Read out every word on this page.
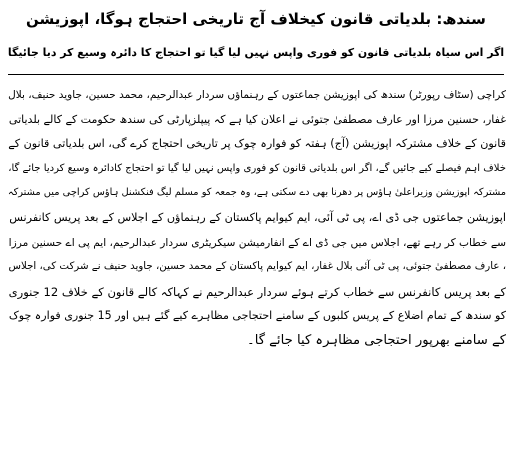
سندھ: بلدیاتی قانون کیخلاف آج تاریخی احتجاج ہوگا، اپوزیشن
اگر اس سیاہ بلدیاتی قانون کو فوری واپس نہیں لیا گیا تو احتجاج کا دائرہ وسیع کر دیا جائیگا
کراچی (سٹاف رپورٹر) سندھ کی اپوزیشن جماعتوں کے رہنماؤں سردار عبدالرحیم، محمد حسین، جاوید حنیف، بلال
غفار، حسنین مرزا اور عارف مصطفیٰ جتوئی نے اعلان کیا ہے کہ پیپلزپارٹی کی سندھ حکومت کے کالے بلدیاتی
قانون کے خلاف مشترکہ اپوزیشن (آج) ہفتہ کو فوارہ چوک پر تاریخی احتجاج کرے گی، اس بلدیاتی قانون کے
خلاف اہم فیصلے کیے جائیں گے، اگر اس بلدیاتی قانون کو فوری واپس نہیں لیا گیا تو احتجاج کادائرہ وسیع کردیا جائے گا،
مشترکہ اپوزیشن وزیراعلیٰ ہاؤس پر دھرنا بھی دے سکتی ہے، وہ جمعہ کو مسلم لیگ فنکشنل ہاؤس کراچی میں مشترکہ
اپوزیشن جماعتوں جی ڈی اے، پی ٹی آئی، ایم کیوایم پاکستان کے رہنماؤں کے اجلاس کے بعد پریس کانفرنس
سے خطاب کر رہے تھے، اجلاس میں جی ڈی اے کے انفارمیشن سیکریٹری سردار عبدالرحیم، ایم پی اے حسنین مرزا
، عارف مصطفیٰ جتوئی، پی ٹی آئی بلال غفار، ایم کیوایم پاکستان کے محمد حسین، جاوید حنیف نے شرکت کی، اجلاس
کے بعد پریس کانفرنس سے خطاب کرتے ہوئے سردار عبدالرحیم نے کہاکہ کالے قانون کے خلاف 12 جنوری
کو سندھ کے تمام اضلاع کے پریس کلبوں کے سامنے احتجاجی مظاہرے کیے گئے ہیں اور 15 جنوری فوارہ چوک
کے سامنے بھرپور احتجاجی مظاہرہ کیا جائے گا۔
